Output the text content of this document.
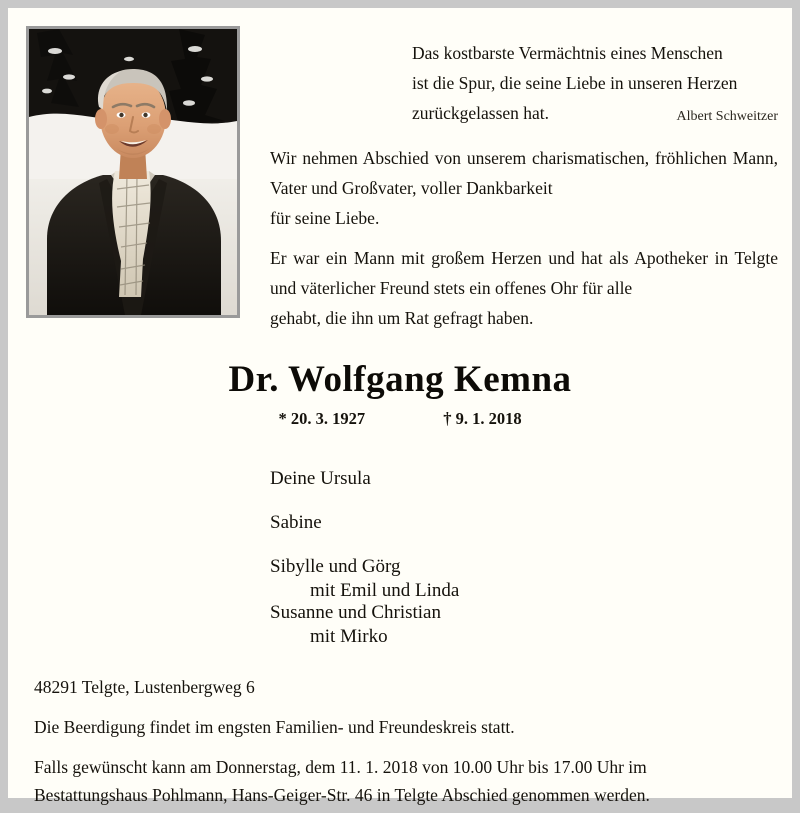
Das kostbarste Vermächtnis eines Menschen ist die Spur, die seine Liebe in unseren Herzen zurückgelassen hat.	Albert Schweitzer
Wir nehmen Abschied von unserem charismatischen, fröhlichen Mann, Vater und Großvater, voller Dankbarkeit
für seine Liebe.
Er war ein Mann mit großem Herzen und hat als Apotheker in Telgte und väterlicher Freund stets ein offenes Ohr für alle
gehabt, die ihn um Rat gefragt haben.
Dr. Wolfgang Kemna
* 20. 3. 1927	† 9. 1. 2018
Deine Ursula
Sabine
Sibylle und Görg
mit Emil und Linda
Susanne und Christian
mit Mirko
48291 Telgte, Lustenbergweg 6
Die Beerdigung findet im engsten Familien- und Freundeskreis statt.
Falls gewünscht kann am Donnerstag, dem 11. 1. 2018 von 10.00 Uhr bis 17.00 Uhr im
Bestattungshaus Pohlmann, Hans-Geiger-Str. 46 in Telgte Abschied genommen werden.
